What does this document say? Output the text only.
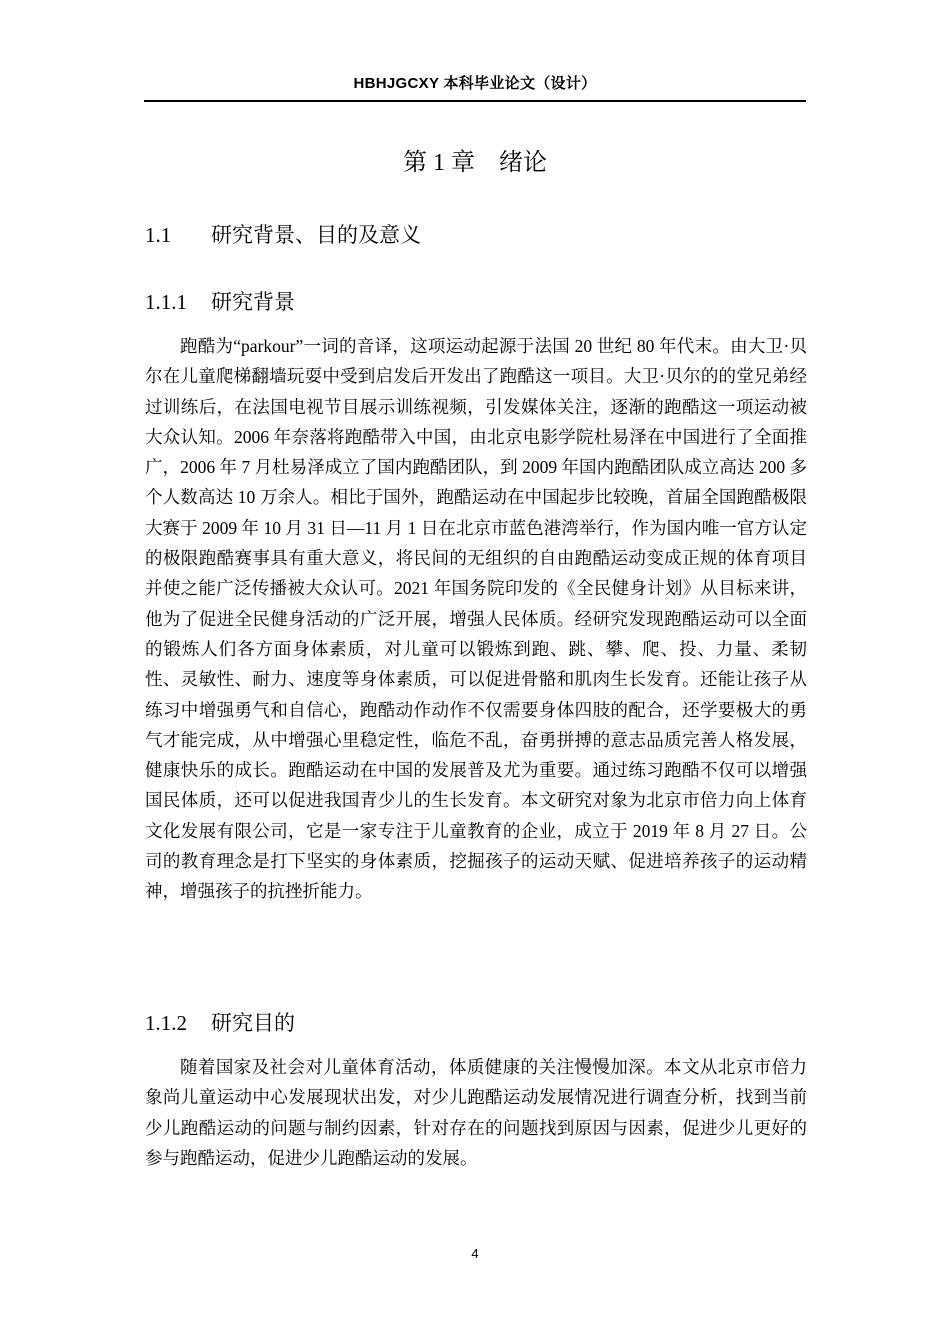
HBHJGCXY 本科毕业论文（设计）
第 1 章　绪论
1.1 研究背景、目的及意义
1.1.1 研究背景

跑酷为“parkour”一词的音译，这项运动起源于法国 20 世纪 80 年代末。由大卫·贝尔在儿童爬梯翻墙玩耍中受到启发后开发出了跑酷这一项目。大卫·贝尔的的堂兄弟经过训练后，在法国电视节目展示训练视频，引发媒体关注，逐渐的跑酷这一项运动被大众认知。2006 年奈落将跑酷带入中国，由北京电影学院杜易泽在中国进行了全面推广，2006 年 7 月杜易泽成立了国内跑酷团队，到 2009 年国内跑酷团队成立高达 200 多个人数高达 10 万余人。相比于国外，跑酷运动在中国起步比较晚，首届全国跑酷极限大赛于 2009 年 10 月 31 日—11 月 1 日在北京市蓝色港湾举行，作为国内唯一官方认定的极限跑酷赛事具有重大意义，将民间的无组织的自由跑酷运动变成正规的体育项目并使之能广泛传播被大众认可。2021 年国务院印发的《全民健身计划》从目标来讲，他为了促进全民健身活动的广泛开展，增强人民体质。经研究发现跑酷运动可以全面的锻炼人们各方面身体素质，对儿童可以锻炼到跑、跳、攀、爬、投、力量、柔韧性、灵敏性、耐力、速度等身体素质，可以促进骨骼和肌肉生长发育。还能让孩子从练习中增强勇气和自信心，跑酷动作动作不仅需要身体四肢的配合，还学要极大的勇气才能完成，从中增强心里稳定性，临危不乱，奋勇拼搏的意志品质完善人格发展，健康快乐的成长。跑酷运动在中国的发展普及尤为重要。通过练习跑酷不仅可以增强国民体质，还可以促进我国青少儿的生长发育。本文研究对象为北京市倍力向上体育文化发展有限公司，它是一家专注于儿童教育的企业，成立于 2019 年 8 月 27 日。公司的教育理念是打下坚实的身体素质，挖掘孩子的运动天赋、促进培养孩子的运动精神，增强孩子的抗挫折能力。

1.1.2 研究目的

随着国家及社会对儿童体育活动，体质健康的关注慢慢加深。本文从北京市倍力象尚儿童运动中心发展现状出发，对少儿跑酷运动发展情况进行调查分析，找到当前少儿跑酷运动的问题与制约因素，针对存在的问题找到原因与因素，促进少儿更好的参与跑酷运动，促进少儿跑酷运动的发展。

4
